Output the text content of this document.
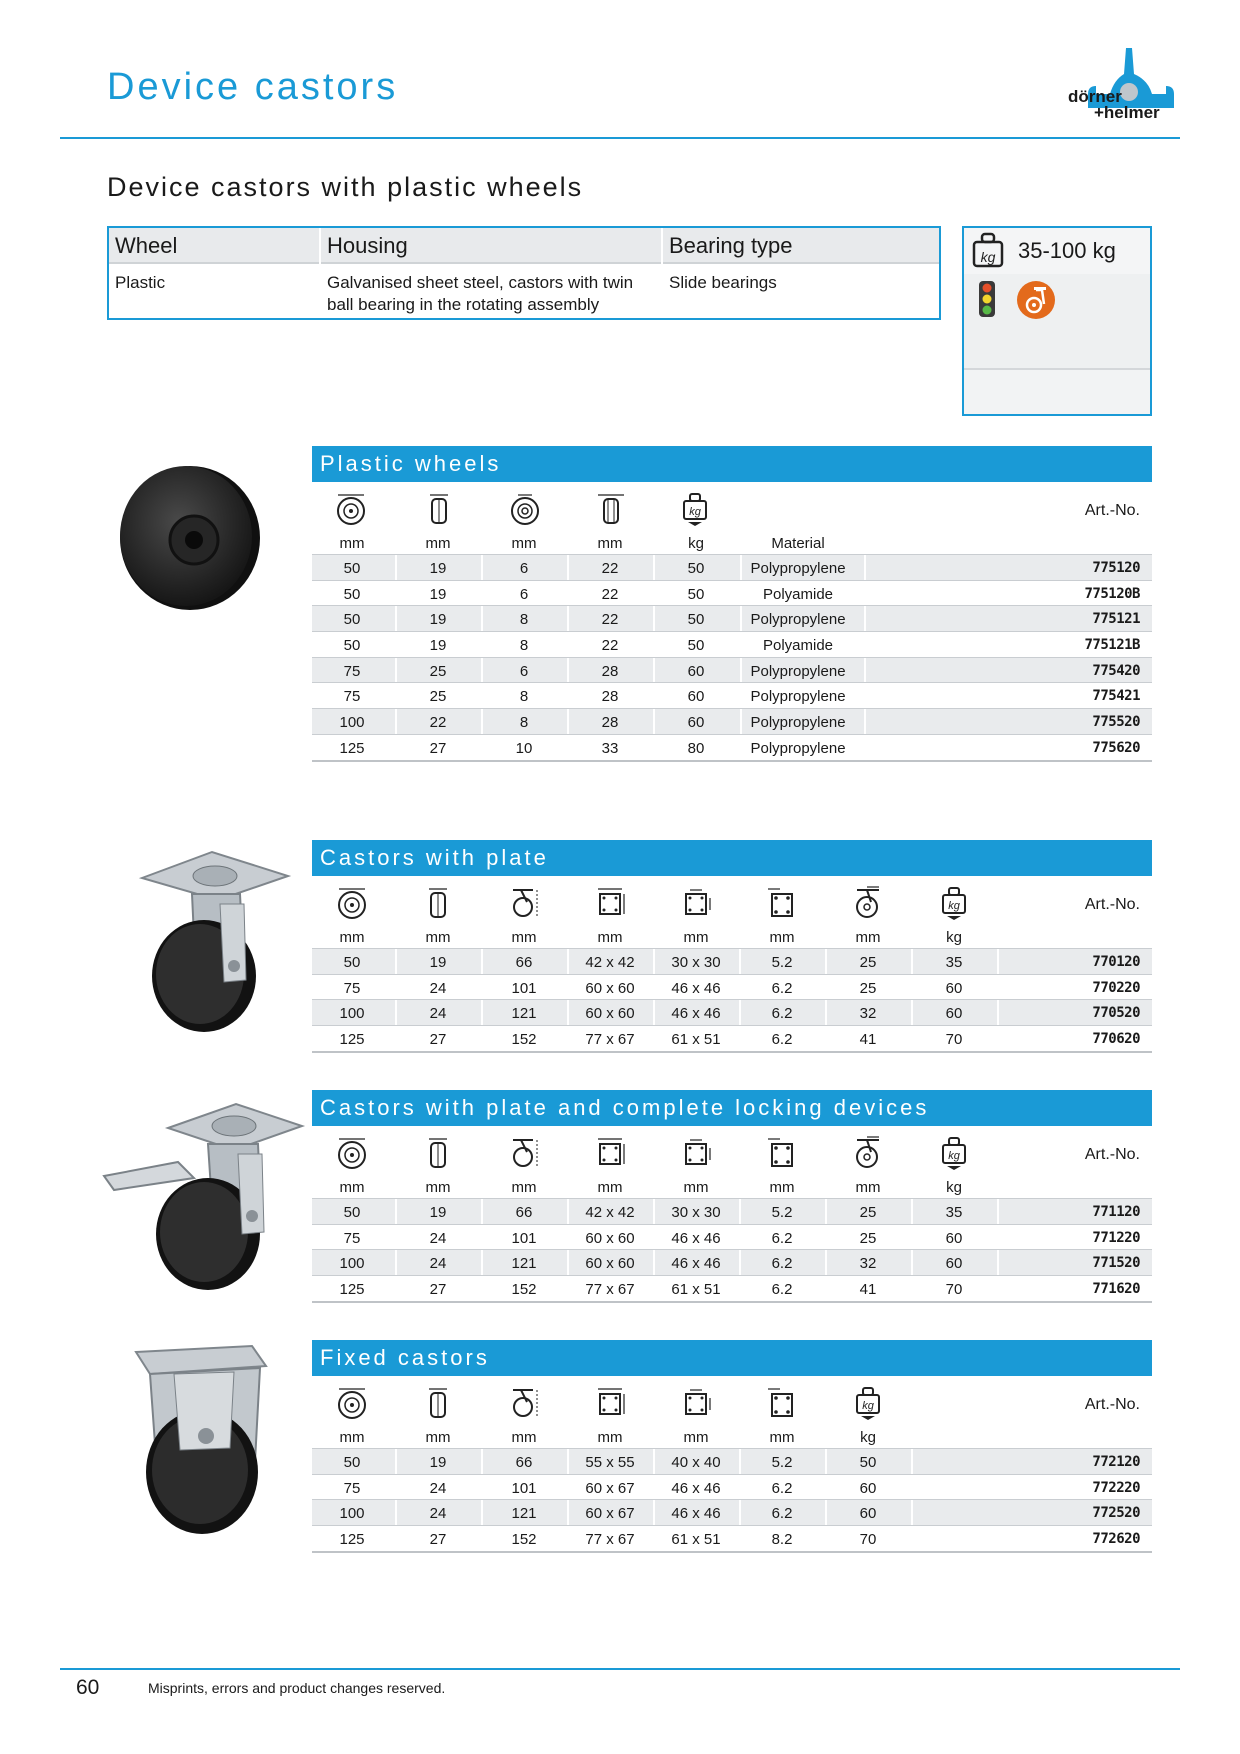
Device castors	dörner
+helmer
Device castors with plastic wheels
Wheel	Housing	Bearing type
Plastic	Galvanised sheet steel, castors with twin ball bearing in the rotating assembly
Slide bearings
kg 35-100 kg
Plastic wheels
kg	Art.-No.
mm	mm	mm	mm	kg	Material
50	19	6	22	50	Polypropylene	775120
50	19	6	22	50	Polyamide	775120B
50	19	8	22	50	Polypropylene	775121
50	19	8	22	50	Polyamide	775121B
75	25	6	28	60	Polypropylene	775420
75	25	8	28	60	Polypropylene	775421
100	22	8	28	60	Polypropylene	775520
125	27	10	33	80	Polypropylene	775620
Castors with plate
Art.-No.
kg
mm	mm	mm	mm	mm	mm	mm	kg
50	19	66	42 x 42 30 x 30	5.2	25	35	770120
75	24	101	60 x 60 46 x 46	6.2	25	60	770220
100	24	121	60 x 60 46 x 46	6.2	32	60	770520
125	27	152	77 x 67 61 x 51	6.2	41	70	770620
Castors with plate and complete locking devices
Art.-No.
kg
mm	mm	mm	mm	mm	mm	mm	kg
50	19	66	42 x 42 30 x 30	5.2	25	35	771120
75	24	101	60 x 60 46 x 46	6.2	25	60	771220
100	24	121	60 x 60 46 x 46	6.2	32	60	771520
125	27	152	77 x 67 61 x 51	6.2	41	70	771620
Fixed castors
Art.-No.
kg
mm	mm	mm	mm	mm	mm	kg
50	19	66	55 x 55 40 x 40	5.2	50	772120
75	24	101	60 x 67 46 x 46	6.2	60	772220
100	24	121	60 x 67 46 x 46	6.2	60	772520
125	27	152	77 x 67 61 x 51	8.2	70	772620
60	Misprints, errors and product changes reserved.
